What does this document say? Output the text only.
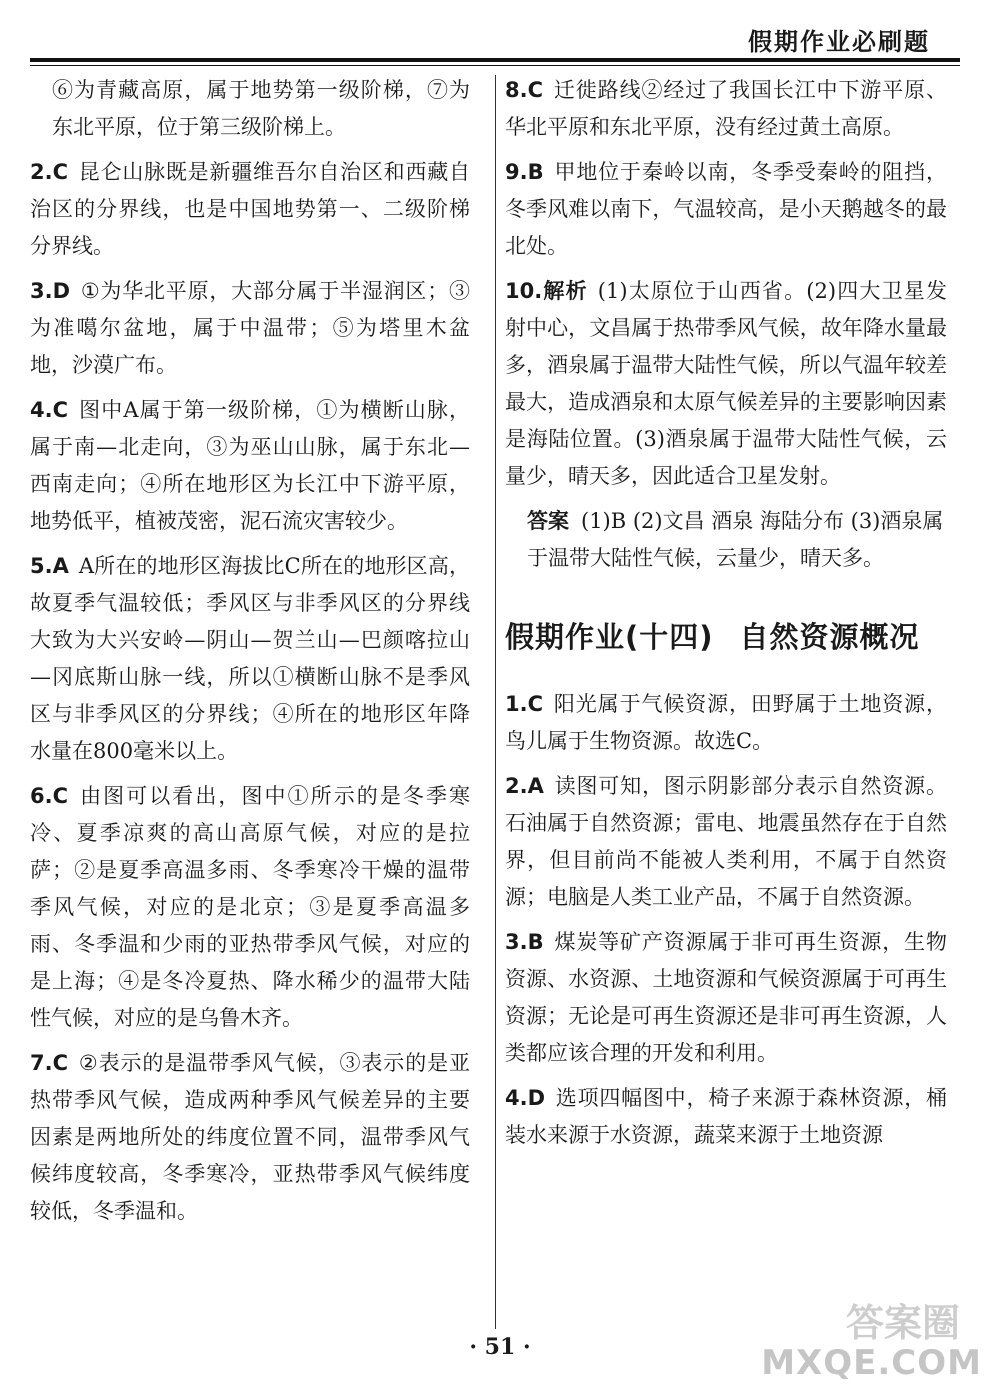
假期作业必刷题
⑥为青藏高原，属于地势第一级阶梯，⑦为东北平原，位于第三级阶梯上。
2.C 昆仑山脉既是新疆维吾尔自治区和西藏自治区的分界线，也是中国地势第一、二级阶梯分界线。
3.D ①为华北平原，大部分属于半湿润区；③为准噶尔盆地，属于中温带；⑤为塔里木盆地，沙漠广布。
4.C 图中A属于第一级阶梯，①为横断山脉，属于南—北走向，③为巫山山脉，属于东北—西南走向；④所在地形区为长江中下游平原，地势低平，植被茂密，泥石流灾害较少。
5.A A所在的地形区海拔比C所在的地形区高，故夏季气温较低；季风区与非季风区的分界线大致为大兴安岭—阴山—贺兰山—巴颜喀拉山—冈底斯山脉一线，所以①横断山脉不是季风区与非季风区的分界线；④所在的地形区年降水量在800毫米以上。
6.C 由图可以看出，图中①所示的是冬季寒冷、夏季凉爽的高山高原气候，对应的是拉萨；②是夏季高温多雨、冬季寒冷干燥的温带季风气候，对应的是北京；③是夏季高温多雨、冬季温和少雨的亚热带季风气候，对应的是上海；④是冬冷夏热、降水稀少的温带大陆性气候，对应的是乌鲁木齐。
7.C ②表示的是温带季风气候，③表示的是亚热带季风气候，造成两种季风气候差异的主要因素是两地所处的纬度位置不同，温带季风气候纬度较高，冬季寒冷，亚热带季风气候纬度较低，冬季温和。
8.C 迁徙路线②经过了我国长江中下游平原、华北平原和东北平原，没有经过黄土高原。
9.B 甲地位于秦岭以南，冬季受秦岭的阻挡，冬季风难以南下，气温较高，是小天鹅越冬的最北处。
10.解析 (1)太原位于山西省。(2)四大卫星发射中心，文昌属于热带季风气候，故年降水量最多，酒泉属于温带大陆性气候，所以气温年较差最大，造成酒泉和太原气候差异的主要影响因素是海陆位置。(3)酒泉属于温带大陆性气候，云量少，晴天多，因此适合卫星发射。
答案 (1)B (2)文昌 酒泉 海陆分布 (3)酒泉属于温带大陆性气候，云量少，晴天多。
假期作业(十四) 自然资源概况
1.C 阳光属于气候资源，田野属于土地资源，鸟儿属于生物资源。故选C。
2.A 读图可知，图示阴影部分表示自然资源。石油属于自然资源；雷电、地震虽然存在于自然界，但目前尚不能被人类利用，不属于自然资源；电脑是人类工业产品，不属于自然资源。
3.B 煤炭等矿产资源属于非可再生资源，生物资源、水资源、土地资源和气候资源属于可再生资源；无论是可再生资源还是非可再生资源，人类都应该合理的开发和利用。
4.D 选项四幅图中，椅子来源于森林资源，桶装水来源于水资源，蔬菜来源于土地资源
· 51 ·
答案圈
MXQE.COM
